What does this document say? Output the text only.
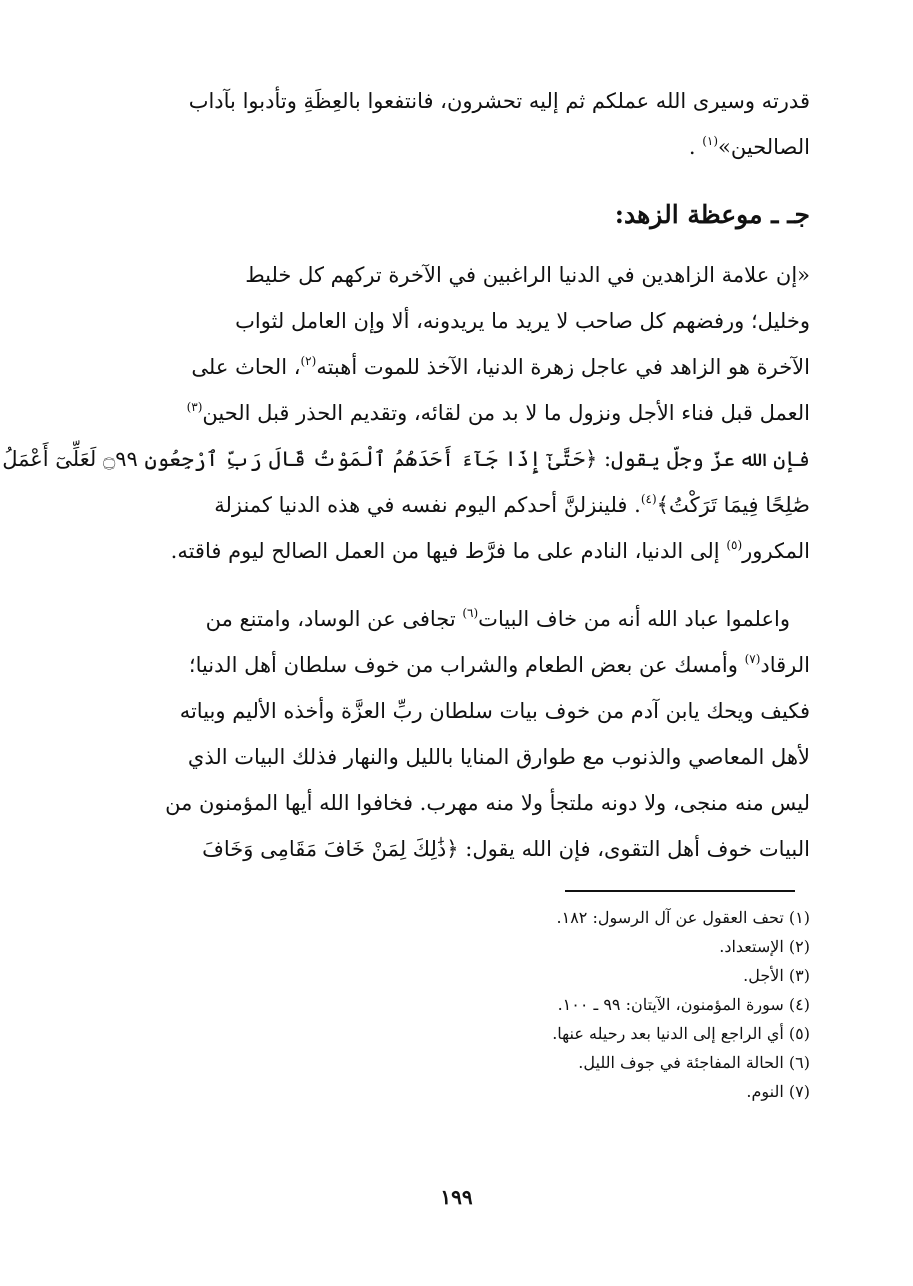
قدرته وسيرى الله عملكم ثم إليه تحشرون، فانتفعوا بالعِظَةِ وتأدبوا بآداب
الصالحين»$^{(١)}$ .

جـ ـ موعظة الزهد:

«إن علامة الزاهدين في الدنيا الراغبين في الآخرة تركهم كل خليط
وخليل؛ ورفضهم كل صاحب لا يريد ما يريدونه، ألا وإن العامل لثواب
الآخرة هو الزاهد في عاجل زهرة الدنيا، الآخذ للموت أهبته$^{(٢)}$، الحاث على
العمل قبل فناء الأجل ونزول ما لا بد من لقائه، وتقديم الحذر قبل الحين$^{(٣)}$
فإن الله عزّ وجلّ يقول: ﴿حَتَّىٰٓ إِذَا جَآءَ أَحَدَهُمُ ٱلْمَوْتُ قَالَ رَبِّ ٱرْجِعُونِ ۝٩٩ لَعَلِّىٓ أَعْمَلُ
صَٰلِحًا فِيمَا تَرَكْتُ﴾$^{(٤)}$. فلينزلنَّ أحدكم اليوم نفسه في هذه الدنيا كمنزلة
المكرور$^{(٥)}$ إلى الدنيا، النادم على ما فرَّط فيها من العمل الصالح ليوم فاقته.

واعلموا عباد الله أنه من خاف البيات$^{(٦)}$ تجافى عن الوساد، وامتنع من
الرقاد$^{(٧)}$ وأمسك عن بعض الطعام والشراب من خوف سلطان أهل الدنيا؛
فكيف ويحك يابن آدم من خوف بيات سلطان ربِّ العزَّة وأخذه الأليم وبياته
لأهل المعاصي والذنوب مع طوارق المنايا بالليل والنهار فذلك البيات الذي
ليس منه منجى، ولا دونه ملتجأ ولا منه مهرب. فخافوا الله أيها المؤمنون من
البيات خوف أهل التقوى، فإن الله يقول: ﴿ذَٰلِكَ لِمَنْ خَافَ مَقَامِى وَخَافَ

(١) تحف العقول عن آل الرسول: ١٨٢.
(٢) الإستعداد.
(٣) الأجل.
(٤) سورة المؤمنون، الآيتان: ٩٩ ـ ١٠٠.
(٥) أي الراجع إلى الدنيا بعد رحيله عنها.
(٦) الحالة المفاجئة في جوف الليل.
(٧) النوم.
١٩٩
